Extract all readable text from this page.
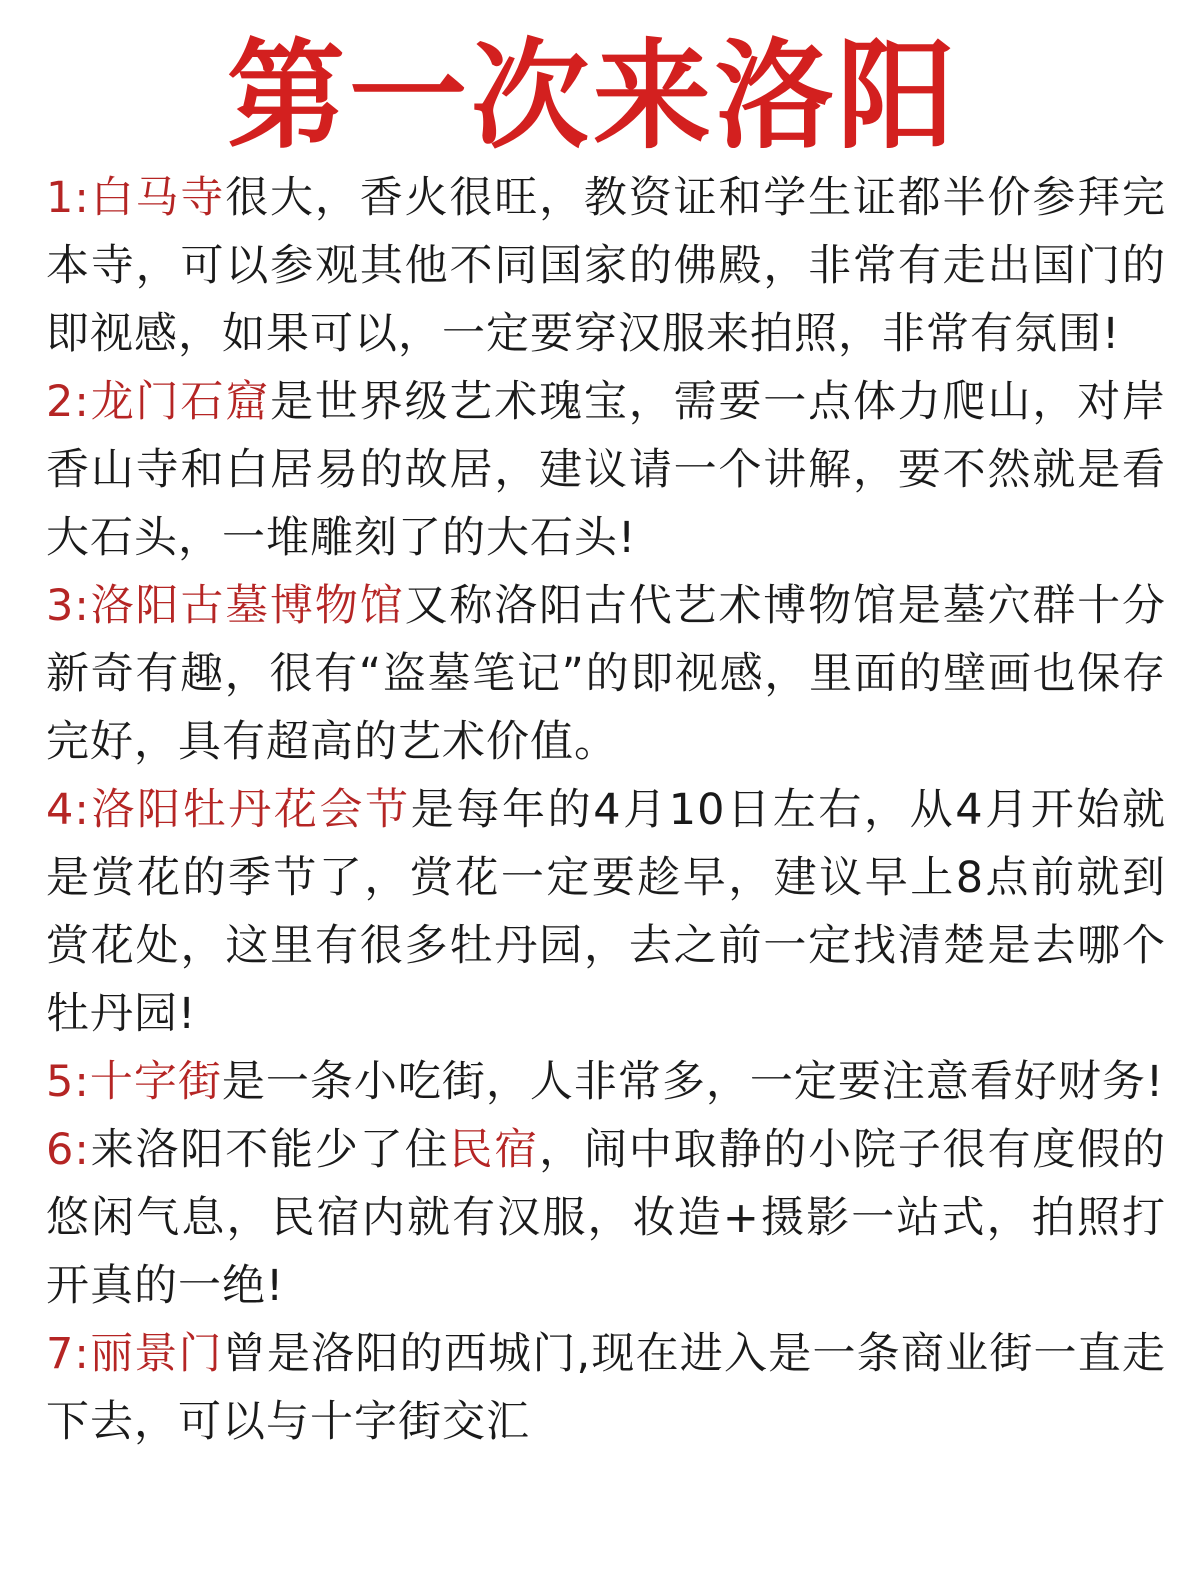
第一次来洛阳

1:白马寺很大，香火很旺，教资证和学生证都半价参拜完本寺，可以参观其他不同国家的佛殿，非常有走出国门的即视感，如果可以，一定要穿汉服来拍照，非常有氛围!

2:龙门石窟是世界级艺术瑰宝，需要一点体力爬山，对岸香山寺和白居易的故居，建议请一个讲解，要不然就是看大石头，一堆雕刻了的大石头!

3:洛阳古墓博物馆又称洛阳古代艺术博物馆是墓穴群十分新奇有趣，很有“盗墓笔记”的即视感，里面的壁画也保存完好，具有超高的艺术价值。

4:洛阳牡丹花会节是每年的4月10日左右，从4月开始就是赏花的季节了，赏花一定要趁早，建议早上8点前就到赏花处，这里有很多牡丹园，去之前一定找清楚是去哪个牡丹园!

5:十字街是一条小吃街，人非常多，一定要注意看好财务!

6:来洛阳不能少了住民宿，闹中取静的小院子很有度假的悠闲气息，民宿内就有汉服，妆造+摄影一站式，拍照打开真的一绝!

7:丽景门曾是洛阳的西城门,现在进入是一条商业街一直走下去，可以与十字街交汇
